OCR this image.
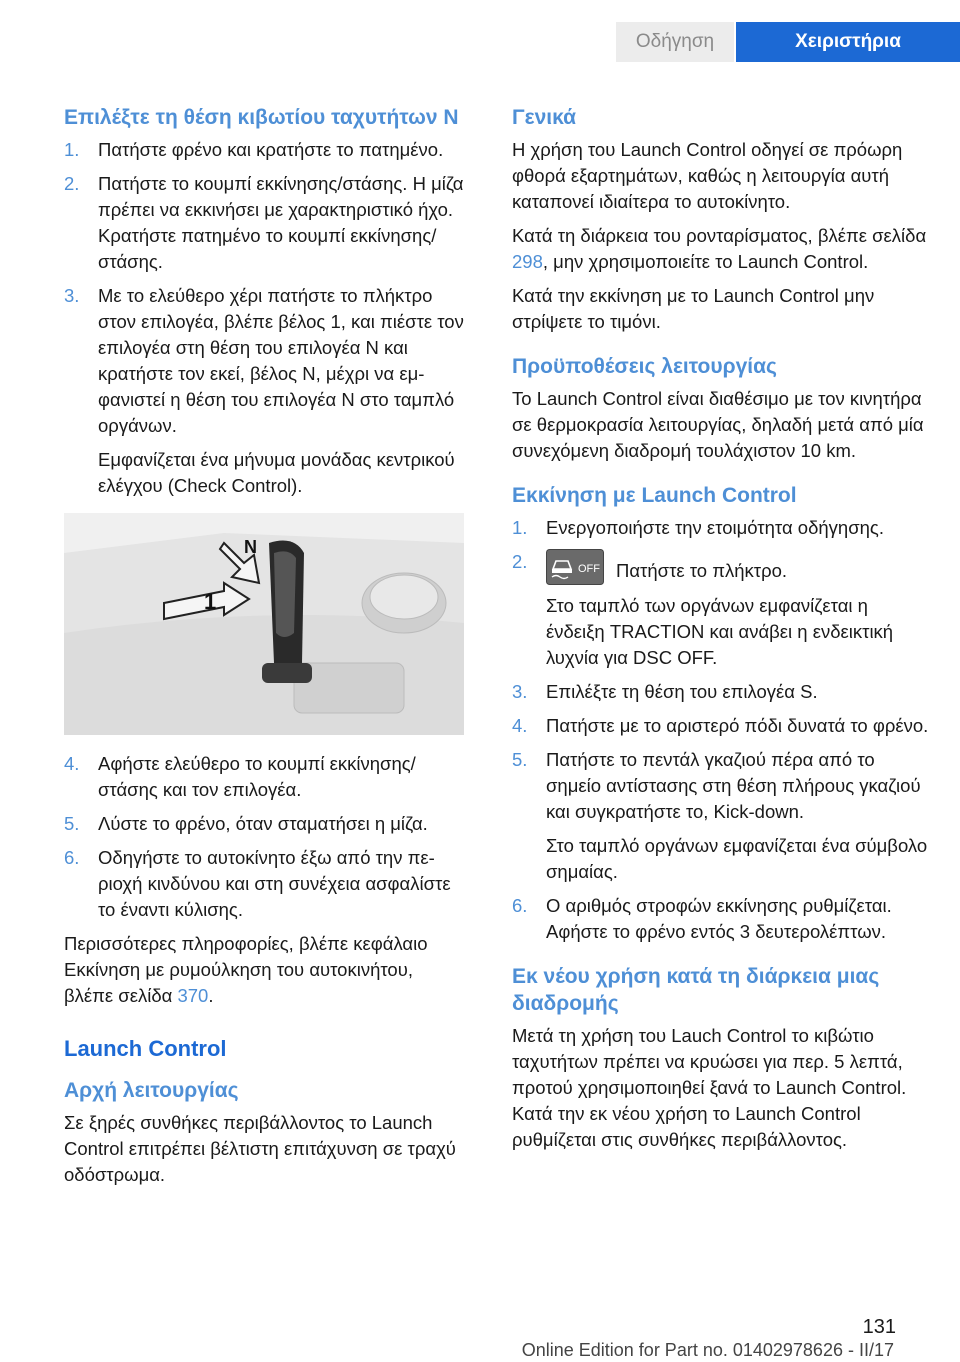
Οδήγηση	Χειριστήρια
Επιλέξτε τη θέση κιβωτίου ταχυτήτων N
1. Πατήστε φρένο και κρατήστε το πατημένο.
2. Πατήστε το κουμπί εκκίνησης/στάσης. Η μίζα πρέπει να εκκινήσει με χαρακτηριστικό ήχο. Κρατήστε πατημένο το κουμπί εκκίνησης/στάσης.
3. Με το ελεύθερο χέρι πατήστε το πλήκτρο στον επιλογέα, βλέπε βέλος 1, και πιέστε τον επιλογέα στη θέση του επιλογέα N και κρατήστε τον εκεί, βέλος N, μέχρι να εμφανιστεί η θέση του επιλογέα N στο ταμπλό οργάνων.
Εμφανίζεται ένα μήνυμα μονάδας κεντρικού ελέγχου (Check Control).
1
N
4. Αφήστε ελεύθερο το κουμπί εκκίνησης/ στάσης και τον επιλογέα.
5. Λύστε το φρένο, όταν σταματήσει η μίζα.
6. Οδηγήστε το αυτοκίνητο έξω από την περιοχή κινδύνου και στη συνέχεια ασφαλίστε το έναντι κύλισης.

Περισσότερες πληροφορίες, βλέπε κεφάλαιο Εκκίνηση με ρυμούλκηση του αυτοκινήτου, βλέπε σελίδα 370.

Launch Control
Αρχή λειτουργίας

Σε ξηρές συνθήκες περιβάλλοντος το Launch Control επιτρέπει βέλτιστη επιτάχυνση σε τραχύ οδόστρωμα.

Γενικά

Η χρήση του Launch Control οδηγεί σε πρόωρη φθορά εξαρτημάτων, καθώς η λειτουργία αυτή καταπονεί ιδιαίτερα το αυτοκίνητο.

Κατά τη διάρκεια του ρονταρίσματος, βλέπε σελίδα 298, μην χρησιμοποιείτε το Launch Control.

Κατά την εκκίνηση με το Launch Control μην στρίψετε το τιμόνι.

Προϋποθέσεις λειτουργίας

Το Launch Control είναι διαθέσιμο με τον κινητήρα σε θερμοκρασία λειτουργίας, δηλαδή μετά από μία συνεχόμενη διαδρομή τουλάχιστον 10 km.

Εκκίνηση με Launch Control
1. Ενεργοποιήστε την ετοιμότητα οδήγησης.
2.	OFF Πατήστε το πλήκτρο.
Στο ταμπλό των οργάνων εμφανίζεται η ένδειξη TRACTION και ανάβει η ενδεικτική λυχνία για DSC OFF.
3. Επιλέξτε τη θέση του επιλογέα S.
4. Πατήστε με το αριστερό πόδι δυνατά το φρένο.
5. Πατήστε το πεντάλ γκαζιού πέρα από το σημείο αντίστασης στη θέση πλήρους γκαζιού και συγκρατήστε το, Kick-down.
Στο ταμπλό οργάνων εμφανίζεται ένα σύμβολο σημαίας.
6. Ο αριθμός στροφών εκκίνησης ρυθμίζεται. Αφήστε το φρένο εντός 3 δευτερολέπτων.
Εκ νέου χρήση κατά τη διάρκεια μιας διαδρομής

Μετά τη χρήση του Lauch Control το κιβώτιο ταχυτήτων πρέπει να κρυώσει για περ. 5 λεπτά, προτού χρησιμοποιηθεί ξανά το Launch Control. Κατά την εκ νέου χρήση το Launch Control ρυθμίζεται στις συνθήκες περιβάλλοντος.

131
Online Edition for Part no. 01402978626 - II/17
